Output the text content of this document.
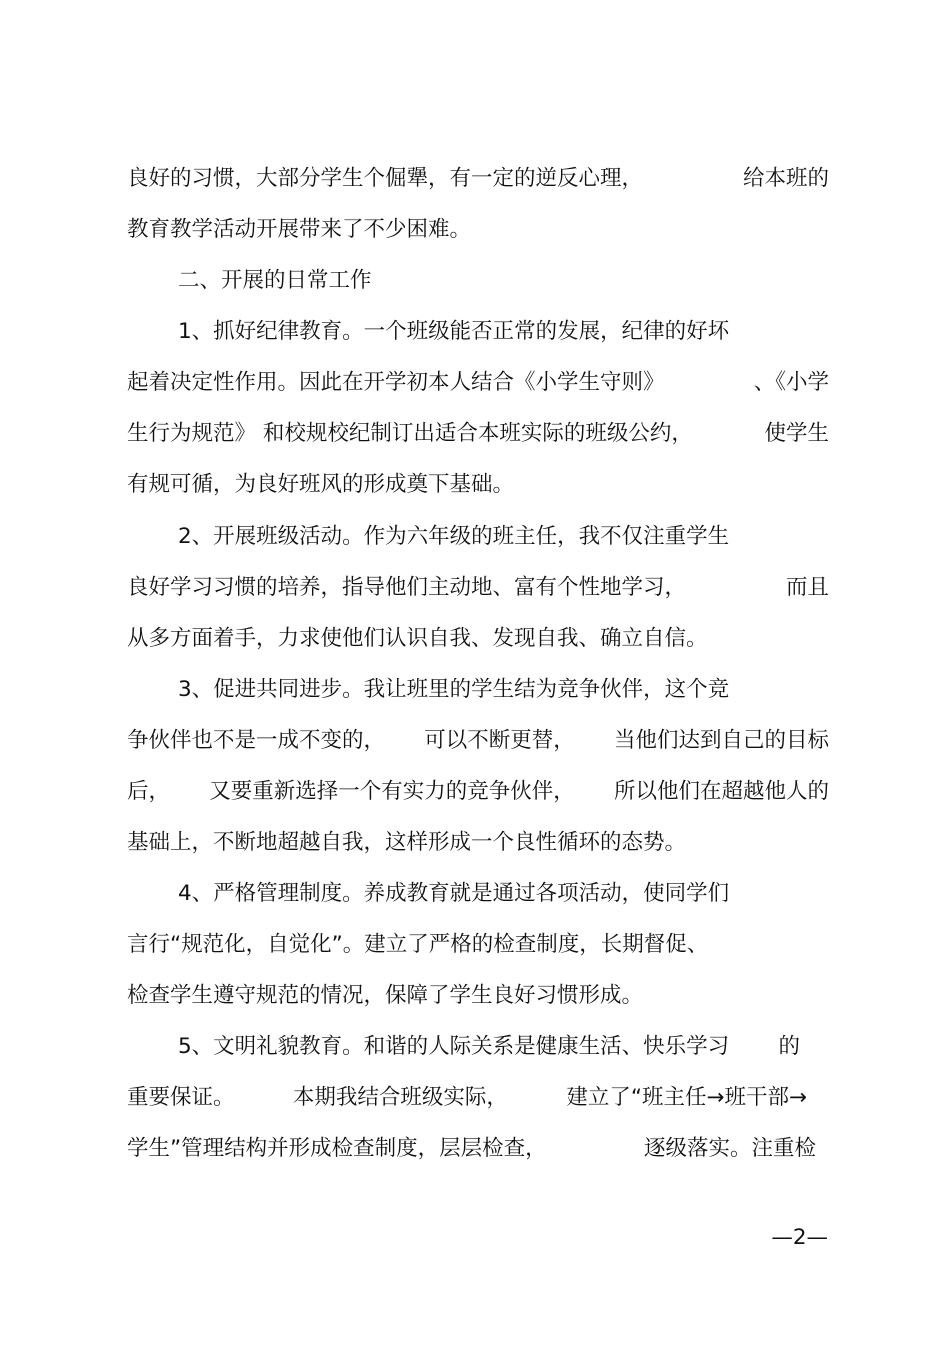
良好的习惯，大部分学生个倔犟，有一定的逆反心理，	给本班的
教育教学活动开展带来了不少困难。
二、开展的日常工作
1、抓好纪律教育。一个班级能否正常的发展，纪律的好坏
起着决定性作用。因此在开学初本人结合《小学生守则》	、《小学
生行为规范》 和校规校纪制订出适合本班实际的班级公约，	使学生
有规可循，为良好班风的形成奠下基础。
2、开展班级活动。作为六年级的班主任，我不仅注重学生
良好学习习惯的培养，指导他们主动地、富有个性地学习，	而且
从多方面着手，力求使他们认识自我、发现自我、确立自信。
3、促进共同进步。我让班里的学生结为竞争伙伴，这个竞
争伙伴也不是一成不变的， 可以不断更替， 当他们达到自己的目标
后， 又要重新选择一个有实力的竞争伙伴， 所以他们在超越他人的
基础上，不断地超越自我，这样形成一个良性循环的态势。
4、严格管理制度。养成教育就是通过各项活动，使同学们
言行“规范化，自觉化”。建立了严格的检查制度，长期督促、
检查学生遵守规范的情况，保障了学生良好习惯形成。
5、文明礼貌教育。和谐的人际关系是健康生活、快乐学习 的
重要保证。	本期我结合班级实际，	建立了“班主任→班干部→
学生”管理结构并形成检查制度，层层检查，	逐级落实。注重检
—2—
